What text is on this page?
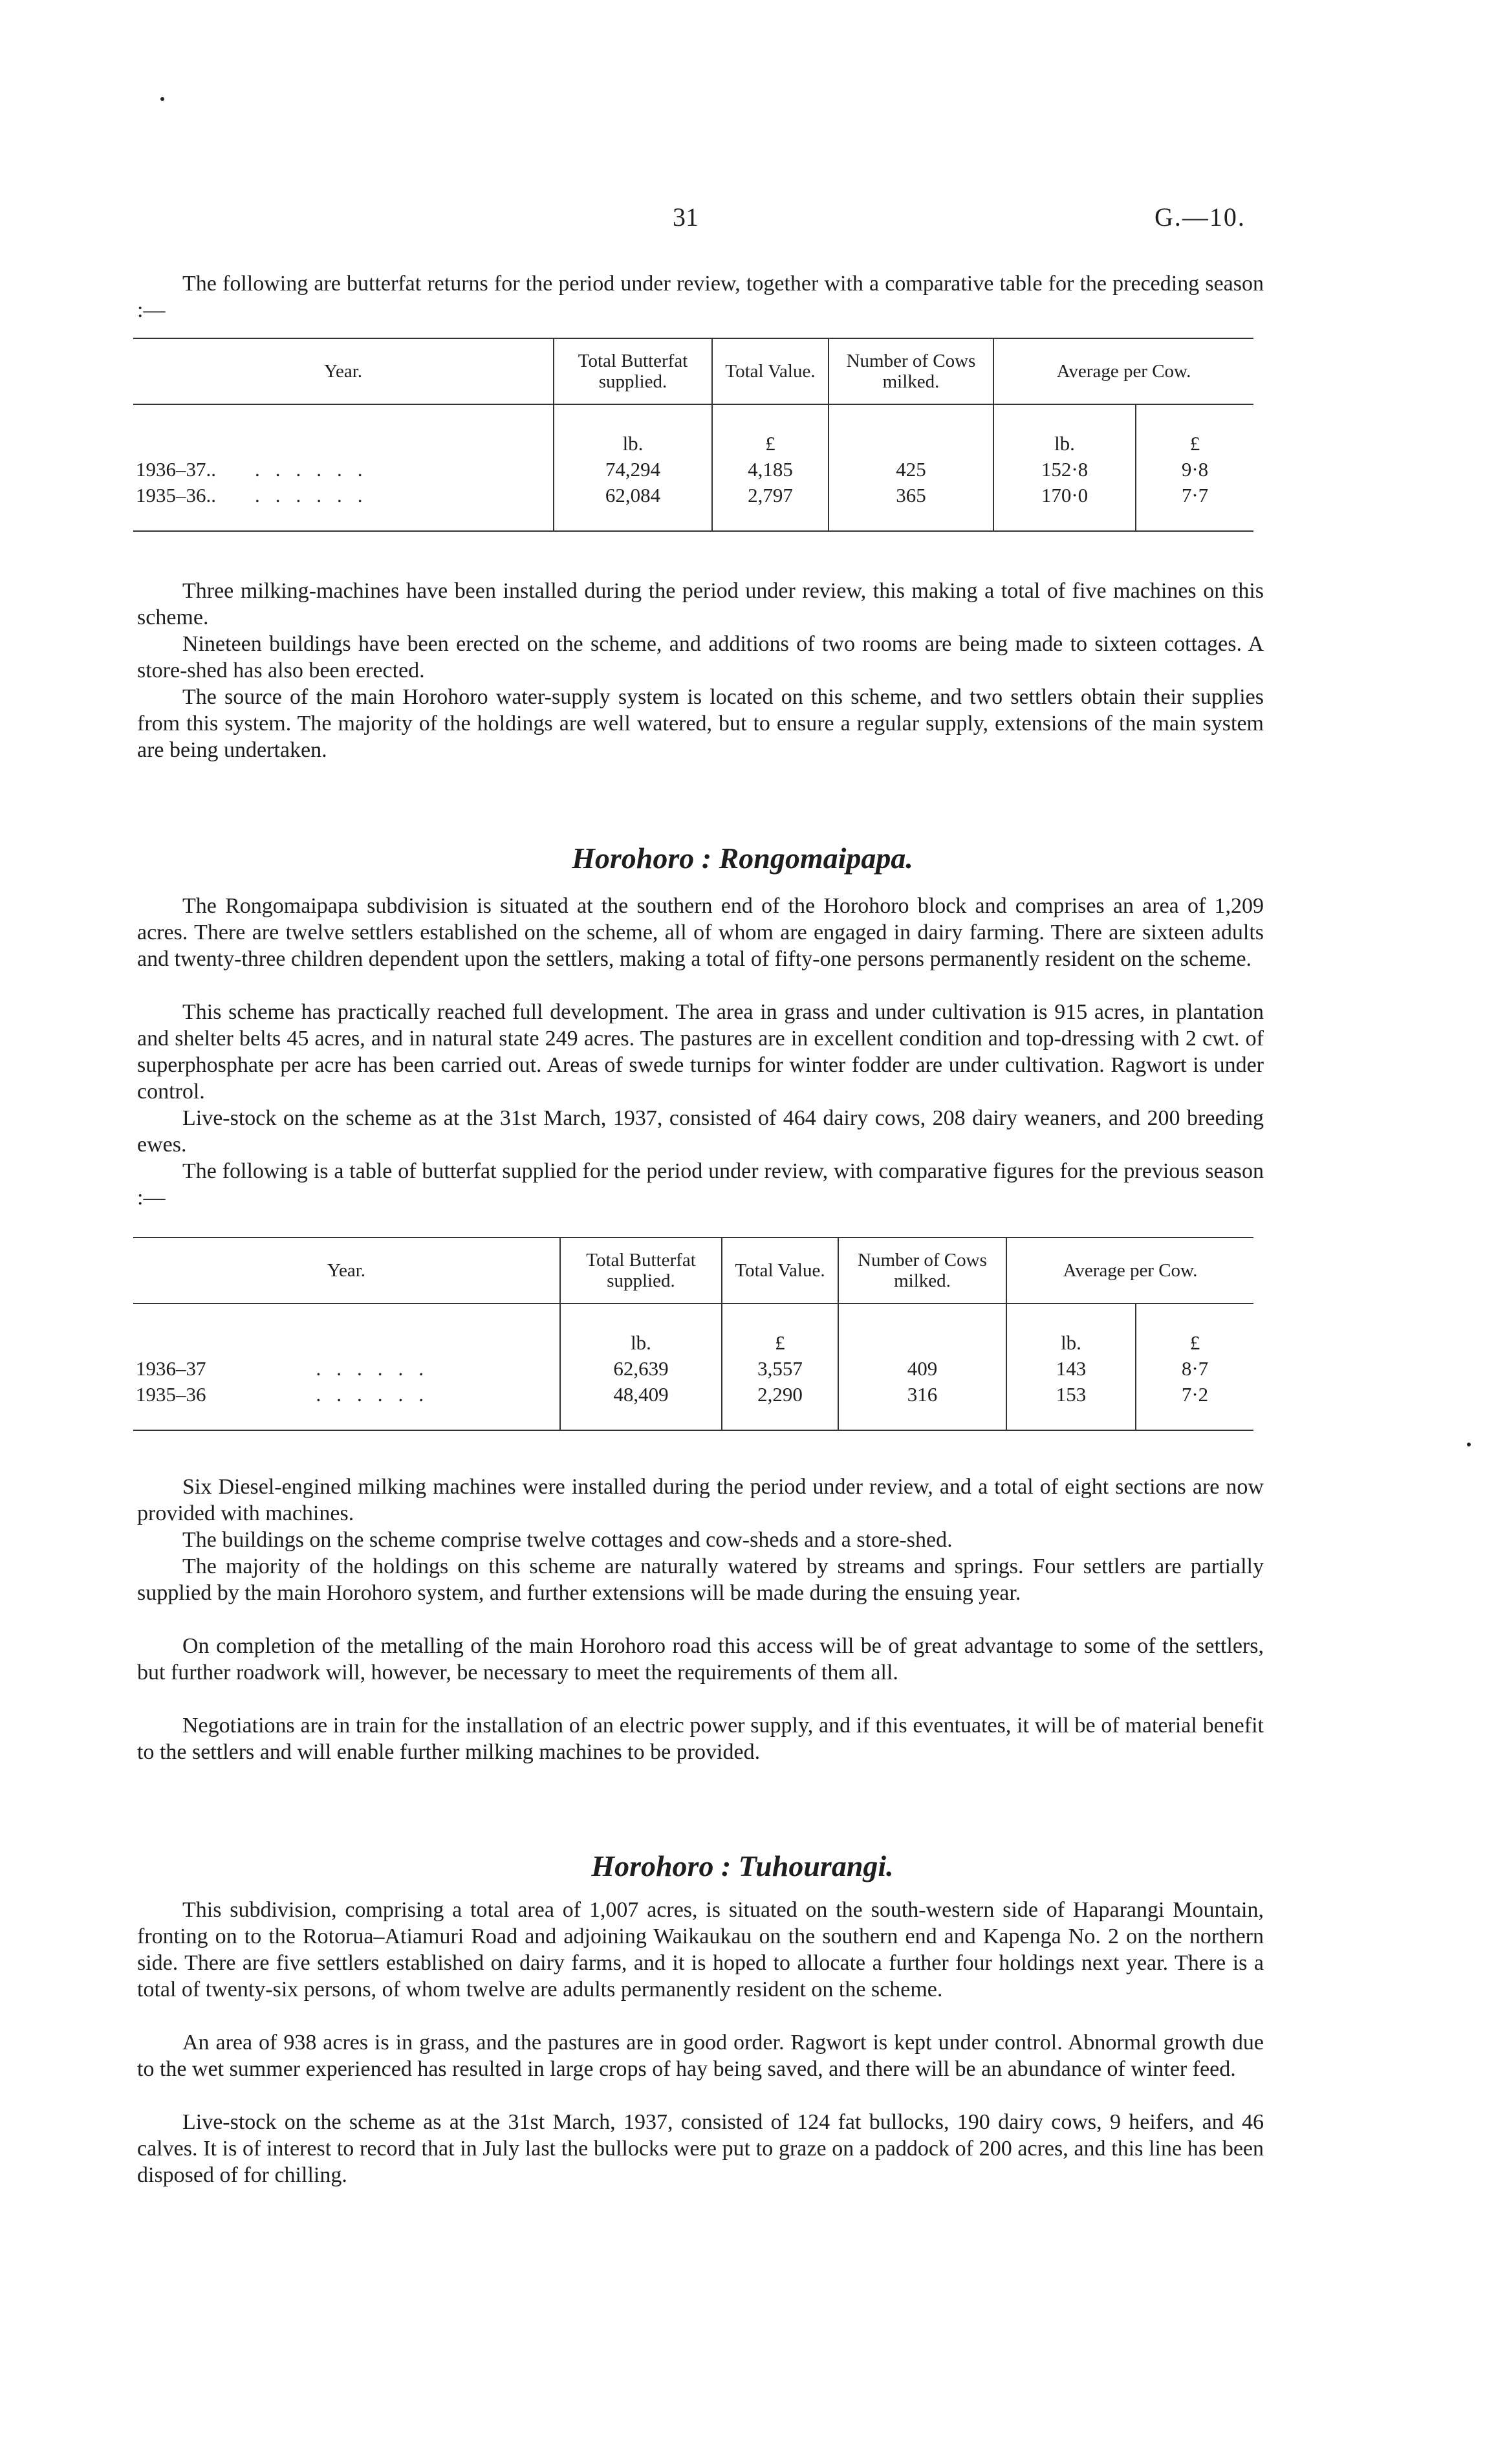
31	G.—10.

The following are butterfat returns for the period under review, together with a comparative table for the preceding season :—

Year.	Total Butterfat supplied.	Total Value.	Number of Cows milked.	Average per Cow.	
	lb.	£		lb.	£
1936–37.. ......	74,294	4,185	425	152·8	9·8
1935–36.. ......	62,084	2,797	365	170·0	7·7

Three milking-machines have been installed during the period under review, this making a total of five machines on this scheme.

Nineteen buildings have been erected on the scheme, and additions of two rooms are being made to sixteen cottages. A store-shed has also been erected.

The source of the main Horohoro water-supply system is located on this scheme, and two settlers obtain their supplies from this system. The majority of the holdings are well watered, but to ensure a regular supply, extensions of the main system are being undertaken.

Horohoro : Rongomaipapa.

The Rongomaipapa subdivision is situated at the southern end of the Horohoro block and comprises an area of 1,209 acres. There are twelve settlers established on the scheme, all of whom are engaged in dairy farming. There are sixteen adults and twenty-three children dependent upon the settlers, making a total of fifty-one persons permanently resident on the scheme.

This scheme has practically reached full development. The area in grass and under cultivation is 915 acres, in plantation and shelter belts 45 acres, and in natural state 249 acres. The pastures are in excellent condition and top-dressing with 2 cwt. of superphosphate per acre has been carried out. Areas of swede turnips for winter fodder are under cultivation. Ragwort is under control.

Live-stock on the scheme as at the 31st March, 1937, consisted of 464 dairy cows, 208 dairy weaners, and 200 breeding ewes.

The following is a table of butterfat supplied for the period under review, with comparative figures for the previous season :—

Year.	Total Butterfat supplied.	Total Value.	Number of Cows milked.	Average per Cow.	
	lb.	£		lb.	£
1936–37 ......	62,639	3,557	409	143	8·7
1935–36 ......	48,409	2,290	316	153	7·2

Six Diesel-engined milking machines were installed during the period under review, and a total of eight sections are now provided with machines.

The buildings on the scheme comprise twelve cottages and cow-sheds and a store-shed.

The majority of the holdings on this scheme are naturally watered by streams and springs. Four settlers are partially supplied by the main Horohoro system, and further extensions will be made during the ensuing year.

On completion of the metalling of the main Horohoro road this access will be of great advantage to some of the settlers, but further roadwork will, however, be necessary to meet the requirements of them all.

Negotiations are in train for the installation of an electric power supply, and if this eventuates, it will be of material benefit to the settlers and will enable further milking machines to be provided.

Horohoro : Tuhourangi.

This subdivision, comprising a total area of 1,007 acres, is situated on the south-western side of Haparangi Mountain, fronting on to the Rotorua–Atiamuri Road and adjoining Waikaukau on the southern end and Kapenga No. 2 on the northern side. There are five settlers established on dairy farms, and it is hoped to allocate a further four holdings next year. There is a total of twenty-six persons, of whom twelve are adults permanently resident on the scheme.

An area of 938 acres is in grass, and the pastures are in good order. Ragwort is kept under control. Abnormal growth due to the wet summer experienced has resulted in large crops of hay being saved, and there will be an abundance of winter feed.

Live-stock on the scheme as at the 31st March, 1937, consisted of 124 fat bullocks, 190 dairy cows, 9 heifers, and 46 calves. It is of interest to record that in July last the bullocks were put to graze on a paddock of 200 acres, and this line has been disposed of for chilling.
